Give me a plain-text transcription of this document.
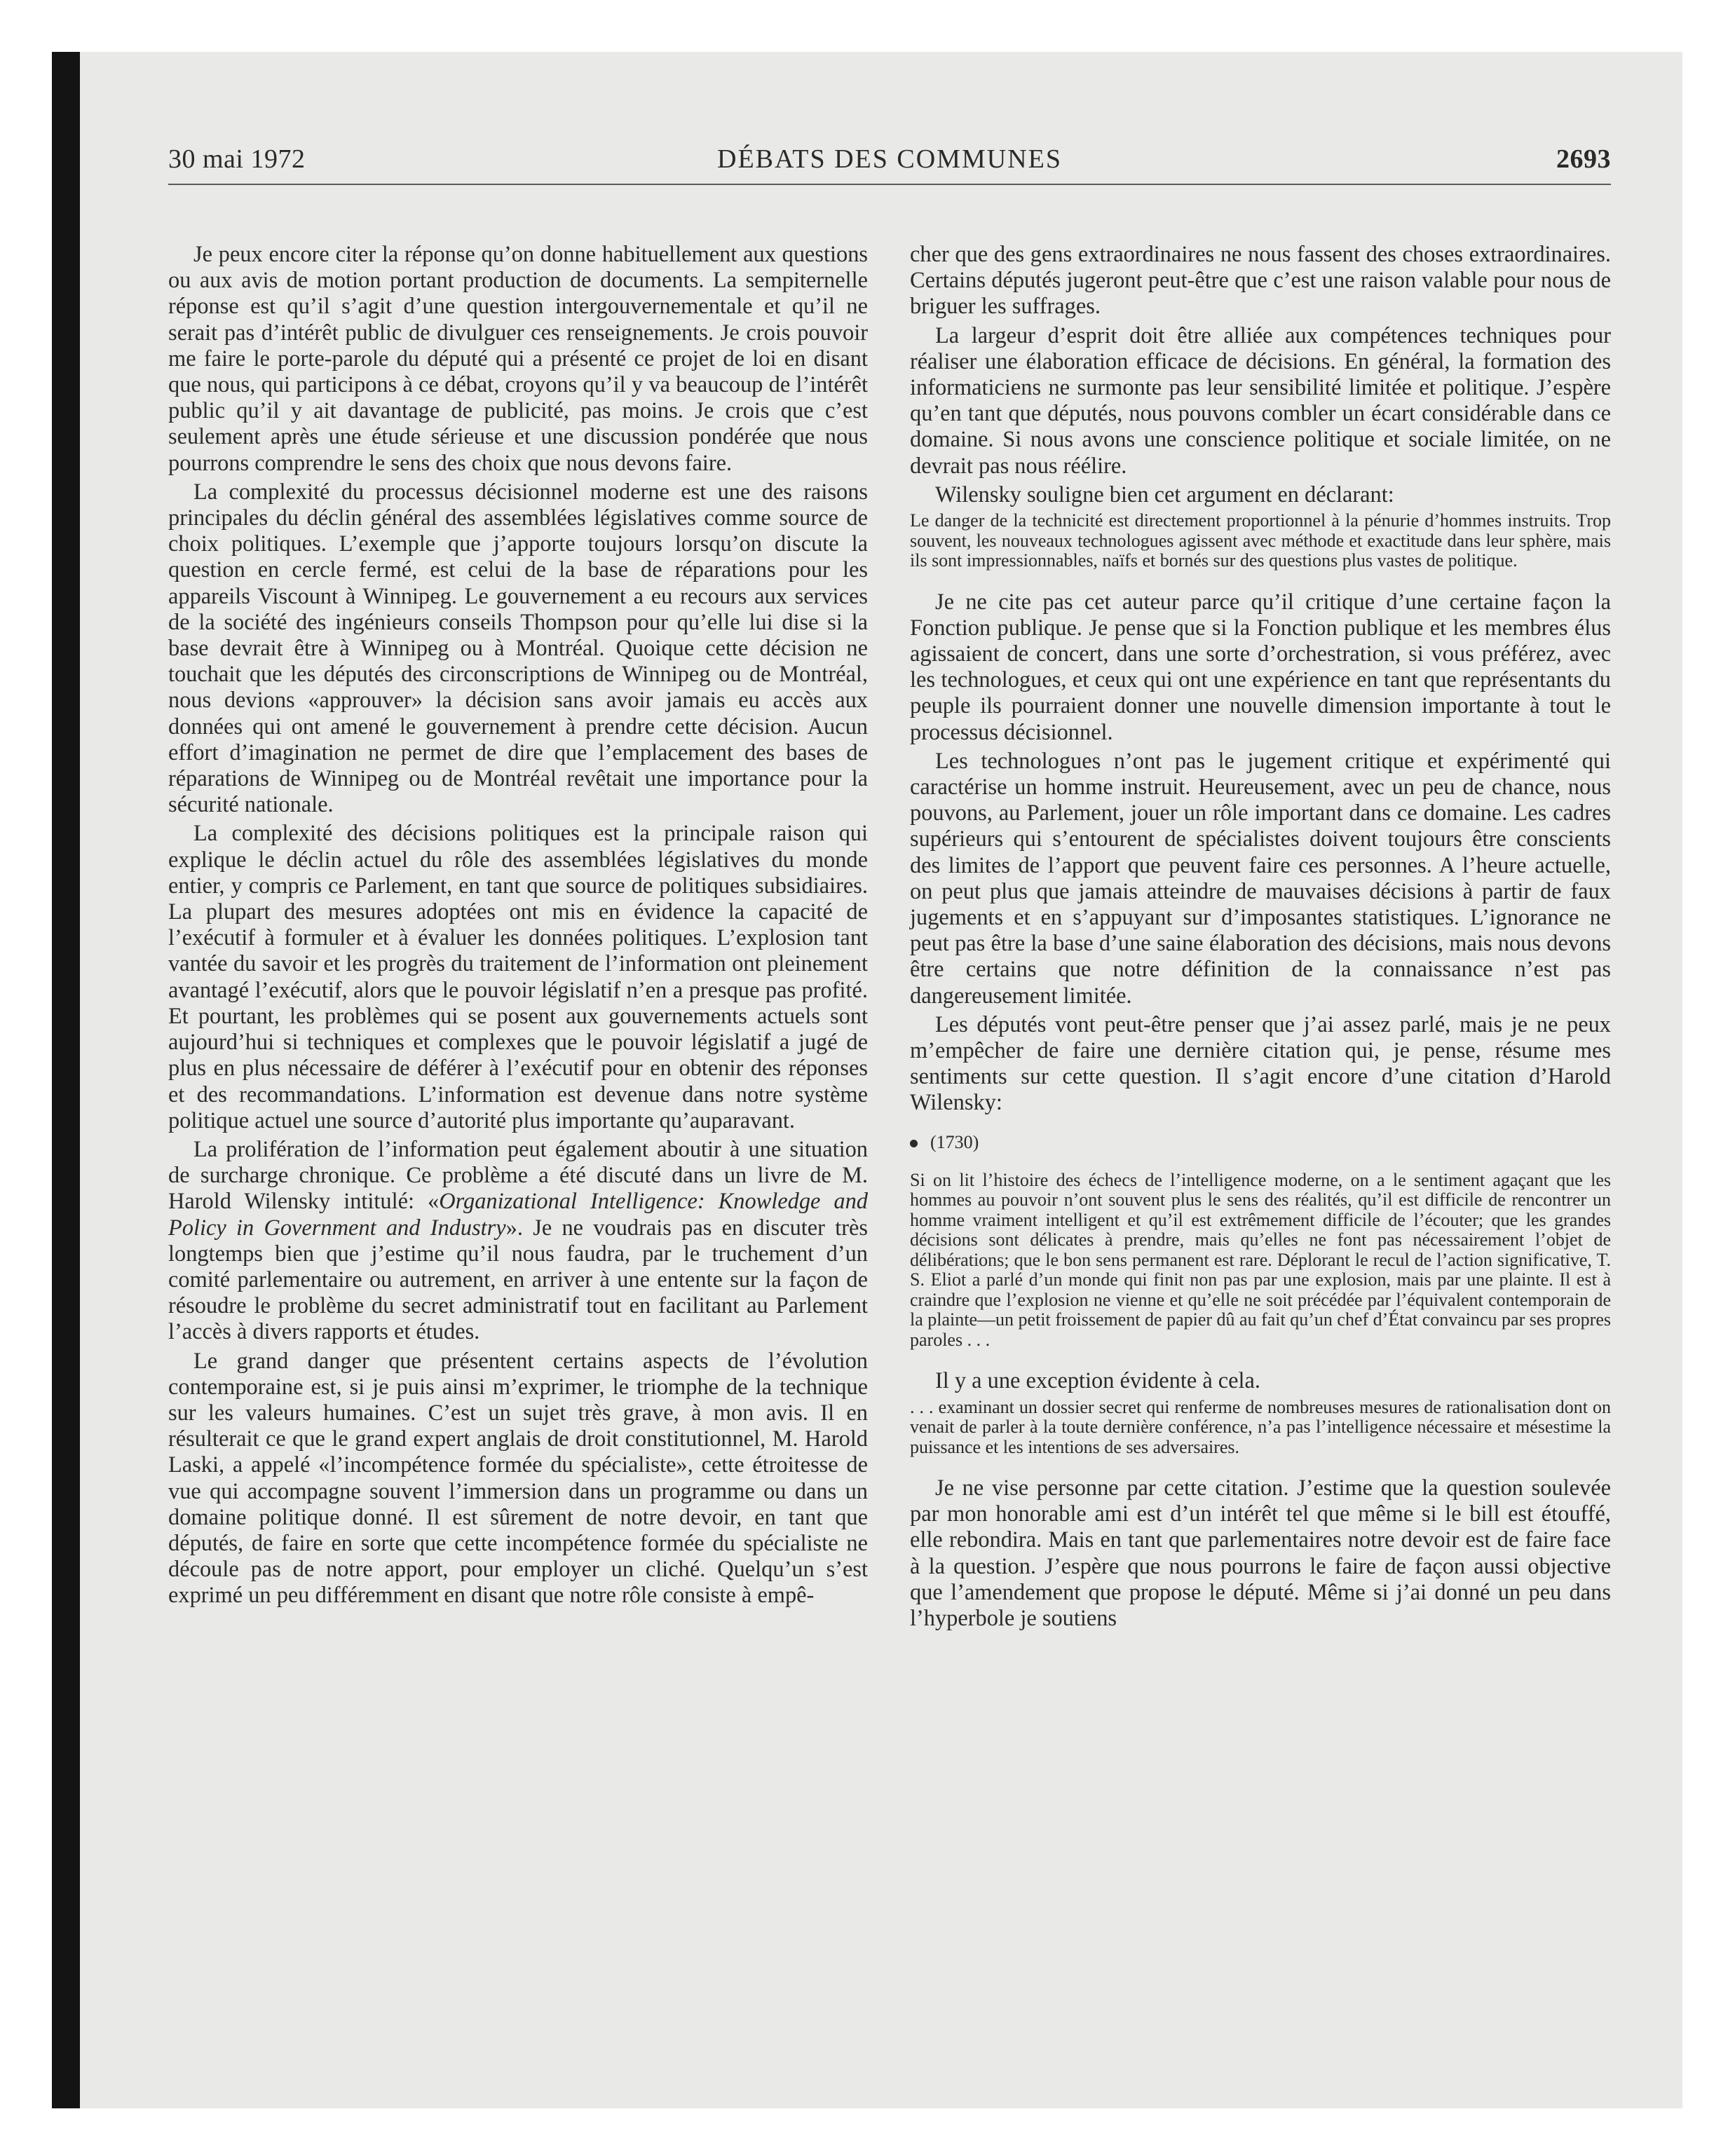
30 mai 1972	DÉBATS DES COMMUNES	2693

Je peux encore citer la réponse qu’on donne habituellement aux questions ou aux avis de motion portant production de documents. La sempiternelle réponse est qu’il s’agit d’une question intergouvernementale et qu’il ne serait pas d’intérêt public de divulguer ces renseignements. Je crois pouvoir me faire le porte-parole du député qui a présenté ce projet de loi en disant que nous, qui participons à ce débat, croyons qu’il y va beaucoup de l’intérêt public qu’il y ait davantage de publicité, pas moins. Je crois que c’est seulement après une étude sérieuse et une discussion pondérée que nous pourrons comprendre le sens des choix que nous devons faire.

La complexité du processus décisionnel moderne est une des raisons principales du déclin général des assemblées législatives comme source de choix politiques. L’exemple que j’apporte toujours lorsqu’on discute la question en cercle fermé, est celui de la base de réparations pour les appareils Viscount à Winnipeg. Le gouvernement a eu recours aux services de la société des ingénieurs conseils Thompson pour qu’elle lui dise si la base devrait être à Winnipeg ou à Montréal. Quoique cette décision ne touchait que les députés des circonscriptions de Winnipeg ou de Montréal, nous devions «approuver» la décision sans avoir jamais eu accès aux données qui ont amené le gouvernement à prendre cette décision. Aucun effort d’imagination ne permet de dire que l’emplacement des bases de réparations de Winnipeg ou de Montréal revêtait une importance pour la sécurité nationale.

La complexité des décisions politiques est la principale raison qui explique le déclin actuel du rôle des assemblées législatives du monde entier, y compris ce Parlement, en tant que source de politiques subsidiaires. La plupart des mesures adoptées ont mis en évidence la capacité de l’exécutif à formuler et à évaluer les données politiques. L’explosion tant vantée du savoir et les progrès du traitement de l’information ont pleinement avantagé l’exécutif, alors que le pouvoir législatif n’en a presque pas profité. Et pourtant, les problèmes qui se posent aux gouvernements actuels sont aujourd’hui si techniques et complexes que le pouvoir législatif a jugé de plus en plus nécessaire de déférer à l’exécutif pour en obtenir des réponses et des recommandations. L’information est devenue dans notre système politique actuel une source d’autorité plus importante qu’auparavant.

La prolifération de l’information peut également aboutir à une situation de surcharge chronique. Ce problème a été discuté dans un livre de M. Harold Wilensky intitulé: «Organizational Intelligence: Knowledge and Policy in Government and Industry». Je ne voudrais pas en discuter très longtemps bien que j’estime qu’il nous faudra, par le truchement d’un comité parlementaire ou autrement, en arriver à une entente sur la façon de résoudre le problème du secret administratif tout en facilitant au Parlement l’accès à divers rapports et études.

Le grand danger que présentent certains aspects de l’évolution contemporaine est, si je puis ainsi m’exprimer, le triomphe de la technique sur les valeurs humaines. C’est un sujet très grave, à mon avis. Il en résulterait ce que le grand expert anglais de droit constitutionnel, M. Harold Laski, a appelé «l’incompétence formée du spécialiste», cette étroitesse de vue qui accompagne souvent l’immersion dans un programme ou dans un domaine politique donné. Il est sûrement de notre devoir, en tant que députés, de faire en sorte que cette incompétence formée du spécialiste ne découle pas de notre apport, pour employer un cliché. Quelqu’un s’est exprimé un peu différemment en disant que notre rôle consiste à empê-

cher que des gens extraordinaires ne nous fassent des choses extraordinaires. Certains députés jugeront peut-être que c’est une raison valable pour nous de briguer les suffrages.

La largeur d’esprit doit être alliée aux compétences techniques pour réaliser une élaboration efficace de décisions. En général, la formation des informaticiens ne surmonte pas leur sensibilité limitée et politique. J’espère qu’en tant que députés, nous pouvons combler un écart considérable dans ce domaine. Si nous avons une conscience politique et sociale limitée, on ne devrait pas nous réélire.

Wilensky souligne bien cet argument en déclarant:

Le danger de la technicité est directement proportionnel à la pénurie d’hommes instruits. Trop souvent, les nouveaux technologues agissent avec méthode et exactitude dans leur sphère, mais ils sont impressionnables, naïfs et bornés sur des questions plus vastes de politique.

Je ne cite pas cet auteur parce qu’il critique d’une certaine façon la Fonction publique. Je pense que si la Fonction publique et les membres élus agissaient de concert, dans une sorte d’orchestration, si vous préférez, avec les technologues, et ceux qui ont une expérience en tant que représentants du peuple ils pourraient donner une nouvelle dimension importante à tout le processus décisionnel.

Les technologues n’ont pas le jugement critique et expérimenté qui caractérise un homme instruit. Heureusement, avec un peu de chance, nous pouvons, au Parlement, jouer un rôle important dans ce domaine. Les cadres supérieurs qui s’entourent de spécialistes doivent toujours être conscients des limites de l’apport que peuvent faire ces personnes. A l’heure actuelle, on peut plus que jamais atteindre de mauvaises décisions à partir de faux jugements et en s’appuyant sur d’imposantes statistiques. L’ignorance ne peut pas être la base d’une saine élaboration des décisions, mais nous devons être certains que notre définition de la connaissance n’est pas dangereusement limitée.

Les députés vont peut-être penser que j’ai assez parlé, mais je ne peux m’empêcher de faire une dernière citation qui, je pense, résume mes sentiments sur cette question. Il s’agit encore d’une citation d’Harold Wilensky:

(1730)

Si on lit l’histoire des échecs de l’intelligence moderne, on a le sentiment agaçant que les hommes au pouvoir n’ont souvent plus le sens des réalités, qu’il est difficile de rencontrer un homme vraiment intelligent et qu’il est extrêmement difficile de l’écouter; que les grandes décisions sont délicates à prendre, mais qu’elles ne font pas nécessairement l’objet de délibérations; que le bon sens permanent est rare. Déplorant le recul de l’action significative, T. S. Eliot a parlé d’un monde qui finit non pas par une explosion, mais par une plainte. Il est à craindre que l’explosion ne vienne et qu’elle ne soit précédée par l’équivalent contemporain de la plainte—un petit froissement de papier dû au fait qu’un chef d’État convaincu par ses propres paroles . . .

Il y a une exception évidente à cela.

. . . examinant un dossier secret qui renferme de nombreuses mesures de rationalisation dont on venait de parler à la toute dernière conférence, n’a pas l’intelligence nécessaire et mésestime la puissance et les intentions de ses adversaires.

Je ne vise personne par cette citation. J’estime que la question soulevée par mon honorable ami est d’un intérêt tel que même si le bill est étouffé, elle rebondira. Mais en tant que parlementaires notre devoir est de faire face à la question. J’espère que nous pourrons le faire de façon aussi objective que l’amendement que propose le député. Même si j’ai donné un peu dans l’hyperbole je soutiens
